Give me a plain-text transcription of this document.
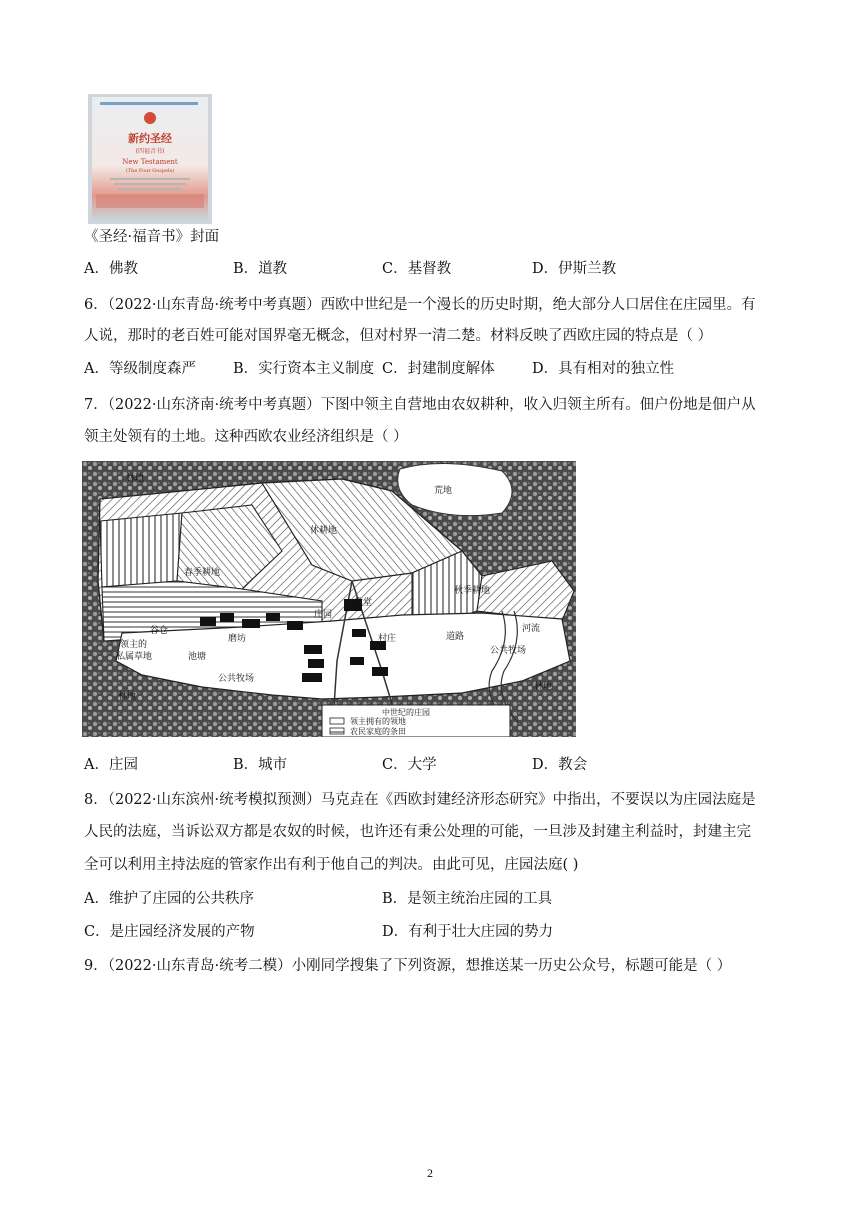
新约圣经
(四福音书)
New Testament
(The Four Gospels)
《圣经·福音书》封面
A．佛教	B．道教	C．基督教	D．伊斯兰教
6．（2022·山东青岛·统考中考真题）西欧中世纪是一个漫长的历史时期，绝大部分人口居住在庄园里。有
人说，那时的老百姓可能对国界毫无概念，但对村界一清二楚。材料反映了西欧庄园的特点是（ ）
A．等级制度森严	B．实行资本主义制度 C．封建制度解体	D．具有相对的独立性
7．（2022·山东济南·统考中考真题）下图中领主自营地由农奴耕种，收入归领主所有。佃户份地是佃户从
领主处领有的土地。这种西欧农业经济组织是（ ）
林地
荒地
休耕地
春季耕地
秋季耕地
教堂
庄园
谷仓
磨坊	村庄	道路
河流
领主的
私属草地	池塘
公共牧场
公共牧场
林地
林地
中世纪的庄园
领主拥有的领地
农民家庭的条田
A．庄园	B．城市	C．大学	D．教会
8．（2022·山东滨州·统考模拟预测）马克垚在《西欧封建经济形态研究》中指出，不要误以为庄园法庭是
人民的法庭，当诉讼双方都是农奴的时候，也许还有秉公处理的可能，一旦涉及封建主利益时，封建主完
全可以利用主持法庭的管家作出有利于他自己的判决。由此可见，庄园法庭( )
A．维护了庄园的公共秩序	B．是领主统治庄园的工具
C．是庄园经济发展的产物	D．有利于壮大庄园的势力
9．（2022·山东青岛·统考二模）小刚同学搜集了下列资源，想推送某一历史公众号，标题可能是（ ）
2
